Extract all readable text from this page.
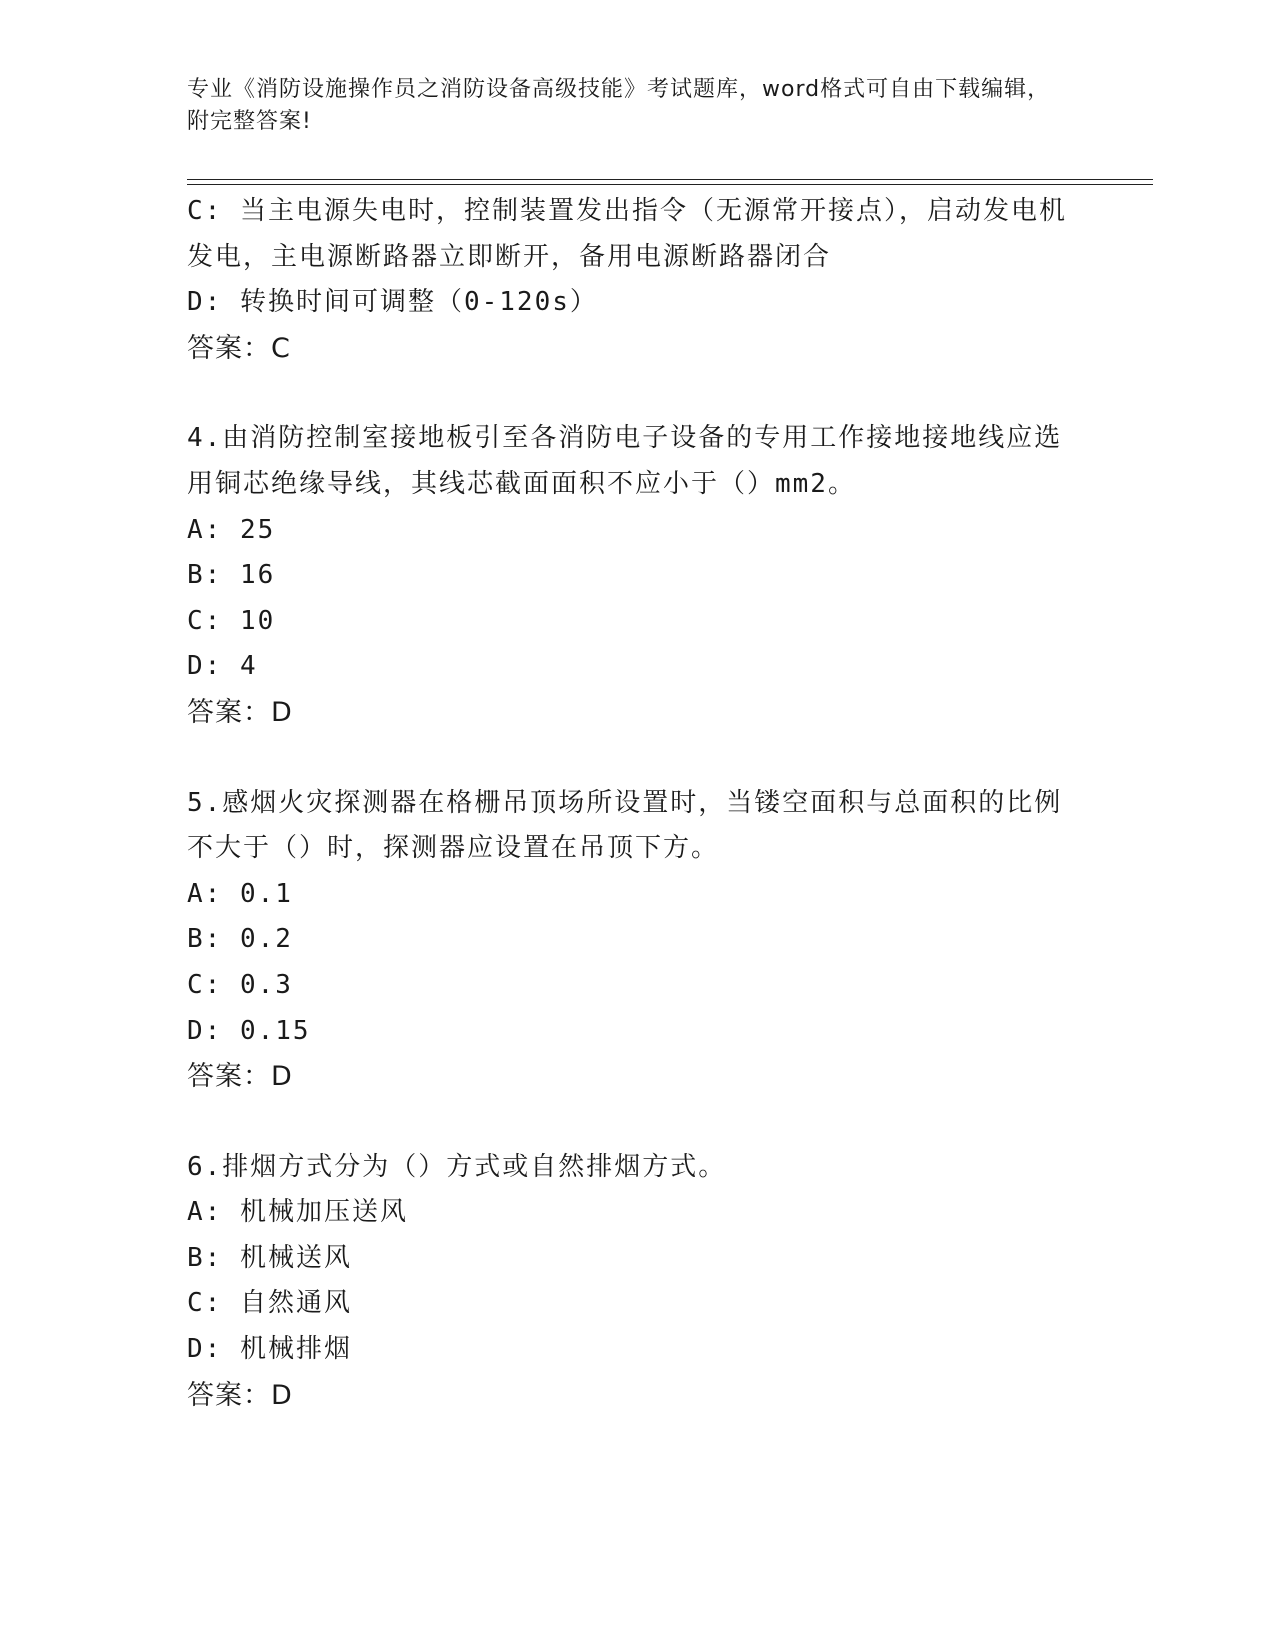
专业《消防设施操作员之消防设备高级技能》考试题库，word格式可自由下载编辑，附完整答案!
C: 当主电源失电时，控制装置发出指令（无源常开接点），启动发电机发电，主电源断路器立即断开，备用电源断路器闭合
D: 转换时间可调整（0-120s）
答案：C
4.由消防控制室接地板引至各消防电子设备的专用工作接地接地线应选用铜芯绝缘导线，其线芯截面面积不应小于（）mm2。
A: 25
B: 16
C: 10
D: 4
答案：D
5.感烟火灾探测器在格栅吊顶场所设置时，当镂空面积与总面积的比例不大于（）时，探测器应设置在吊顶下方。
A: 0.1
B: 0.2
C: 0.3
D: 0.15
答案：D
6.排烟方式分为（）方式或自然排烟方式。
A: 机械加压送风
B: 机械送风
C: 自然通风
D: 机械排烟
答案：D
